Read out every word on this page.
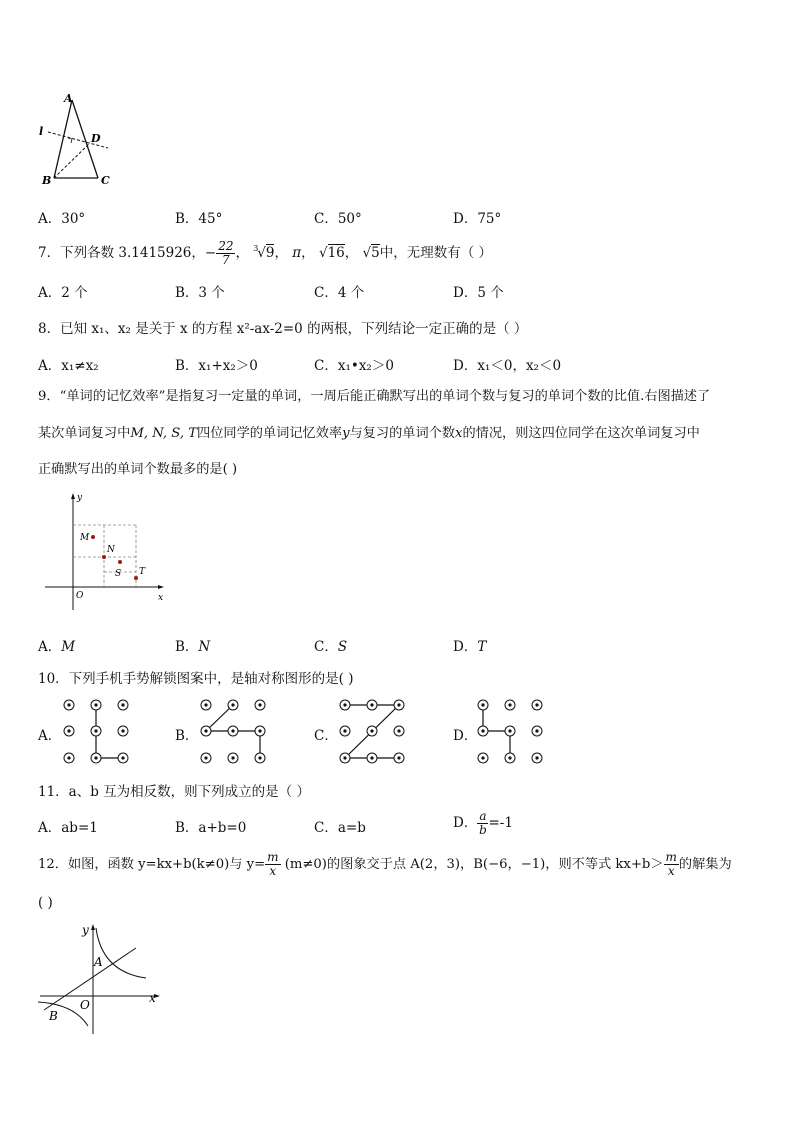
A
B	C
D
l
A．30°	B．45°	C．50°	D．75°
7．下列各数 3.1415926，− $\frac{22}{7}$ ， 3
√9， π， √16， √5中，无理数有（ ）
A．2 个	B．3 个	C．4 个	D．5 个
8．已知 x₁、x₂ 是关于 x 的方程 x²-ax-2=0 的两根，下列结论一定正确的是（ ）
A．x₁≠x₂	B．x₁+x₂＞0	C．x₁•x₂＞0	D．x₁＜0，x₂＜0
9．“单词的记忆效率”是指复习一定量的单词，一周后能正确默写出的单词个数与复习的单词个数的比值.右图描述了
某次单词复习中M, N, S, T四位同学的单词记忆效率y与复习的单词个数x的情况，则这四位同学在这次单词复习中
正确默写出的单词个数最多的是( )
y
x
O
M
N
S T
A．M	B．N	C．S	D．T
10．下列手机手势解锁图案中，是轴对称图形的是( )
A．	B．	C．	D．
11．a、b 互为相反数，则下列成立的是（ ）
A．ab=1	B．a+b=0	C．a=b	D． $\frac{a}{b} =-1$
12．如图，函数 y=kx+b(k≠0)与 $y= \frac{m}{x} (m\ne 0)$的图象交于点 A(2，3)，B(−6，−1)，则不等式 $kx+b> \frac{m}{x}$ 的解集为
( )
y
x
O
A
B
